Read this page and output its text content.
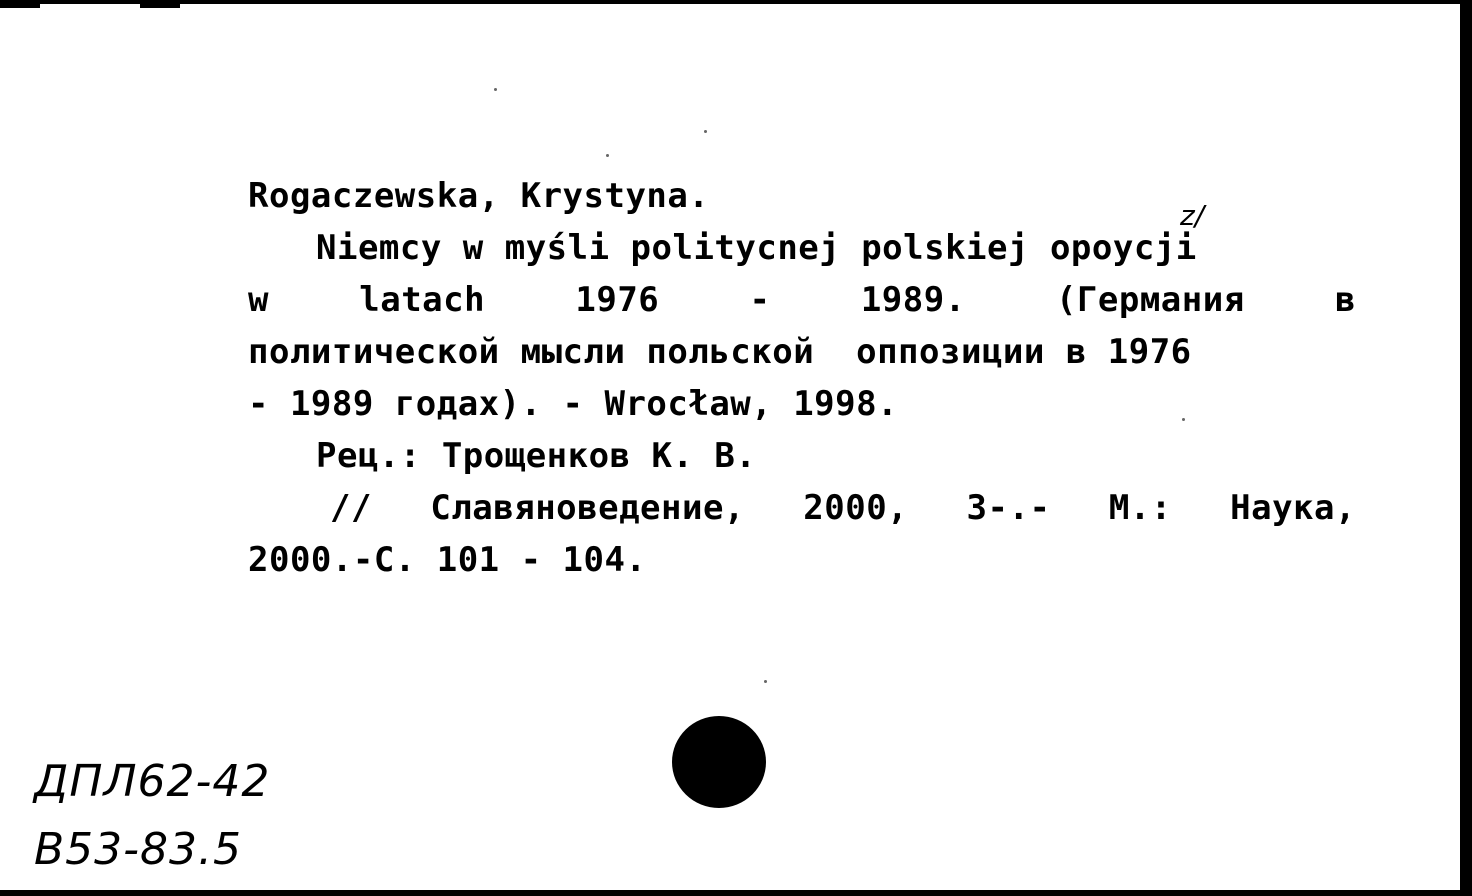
Rogaczewska, Krystyna.	z/
Niemcy w myśli politycnej polskiej opoycji
w	latach	1976	-	1989.	(Германия	в
политической мысли польской  оппозиции в 1976
- 1989 годах). - Wrocław, 1998.
Рец.: Трощенков К. В.
// Славяноведение, 2000, 3-.- М.: Наука,
2000.-С. 101 - 104.
ДПЛ62-42
В53-83.5
